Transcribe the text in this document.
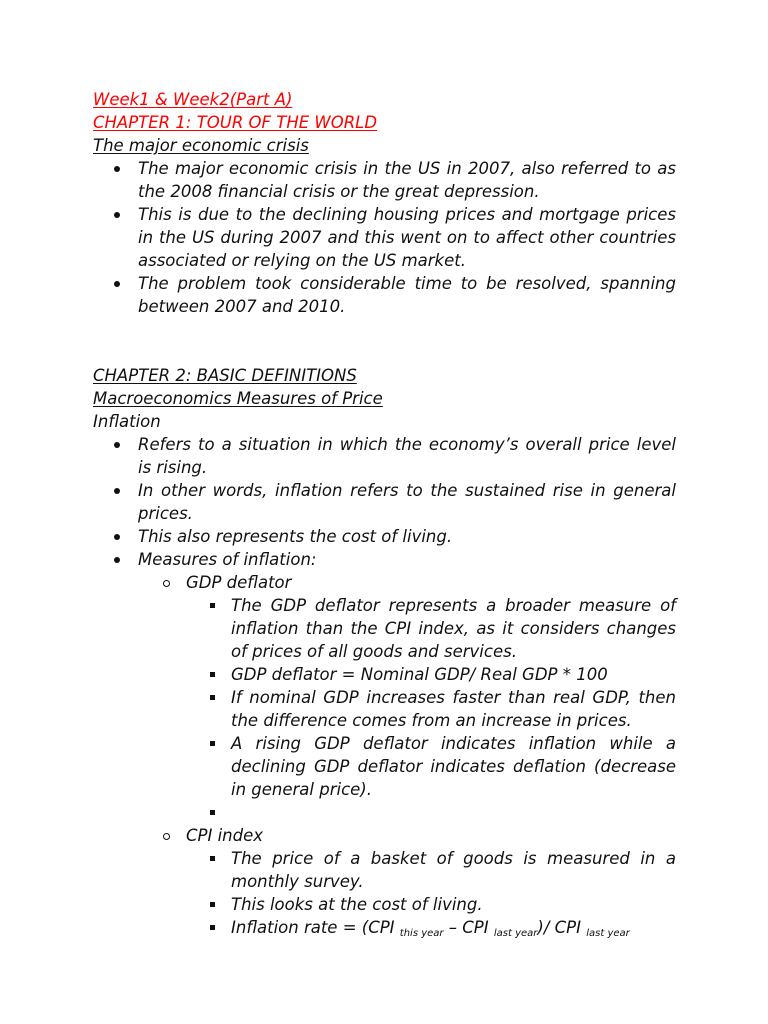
Week1 & Week2(Part A)
CHAPTER 1: TOUR OF THE WORLD
The major economic crisis
The major economic crisis in the US in 2007, also referred to as the 2008 financial crisis or the great depression.
This is due to the declining housing prices and mortgage prices in the US during 2007 and this went on to affect other countries associated or relying on the US market.
The problem took considerable time to be resolved, spanning between 2007 and 2010.
CHAPTER 2: BASIC DEFINITIONS
Macroeconomics Measures of Price
Inflation
Refers to a situation in which the economy’s overall price level is rising.
In other words, inflation refers to the sustained rise in general prices.
This also represents the cost of living.
Measures of inflation:
GDP deflator
The GDP deflator represents a broader measure of inflation than the CPI index, as it considers changes of prices of all goods and services.
GDP deflator = Nominal GDP/ Real GDP * 100
If nominal GDP increases faster than real GDP, then the difference comes from an increase in prices.
A rising GDP deflator indicates inflation while a declining GDP deflator indicates deflation (decrease in general price).
CPI index
The price of a basket of goods is measured in a monthly survey.
This looks at the cost of living.
Inflation rate = (CPI $_{this year}$ – CPI $_{last year}$)/ CPI $_{last year}$
